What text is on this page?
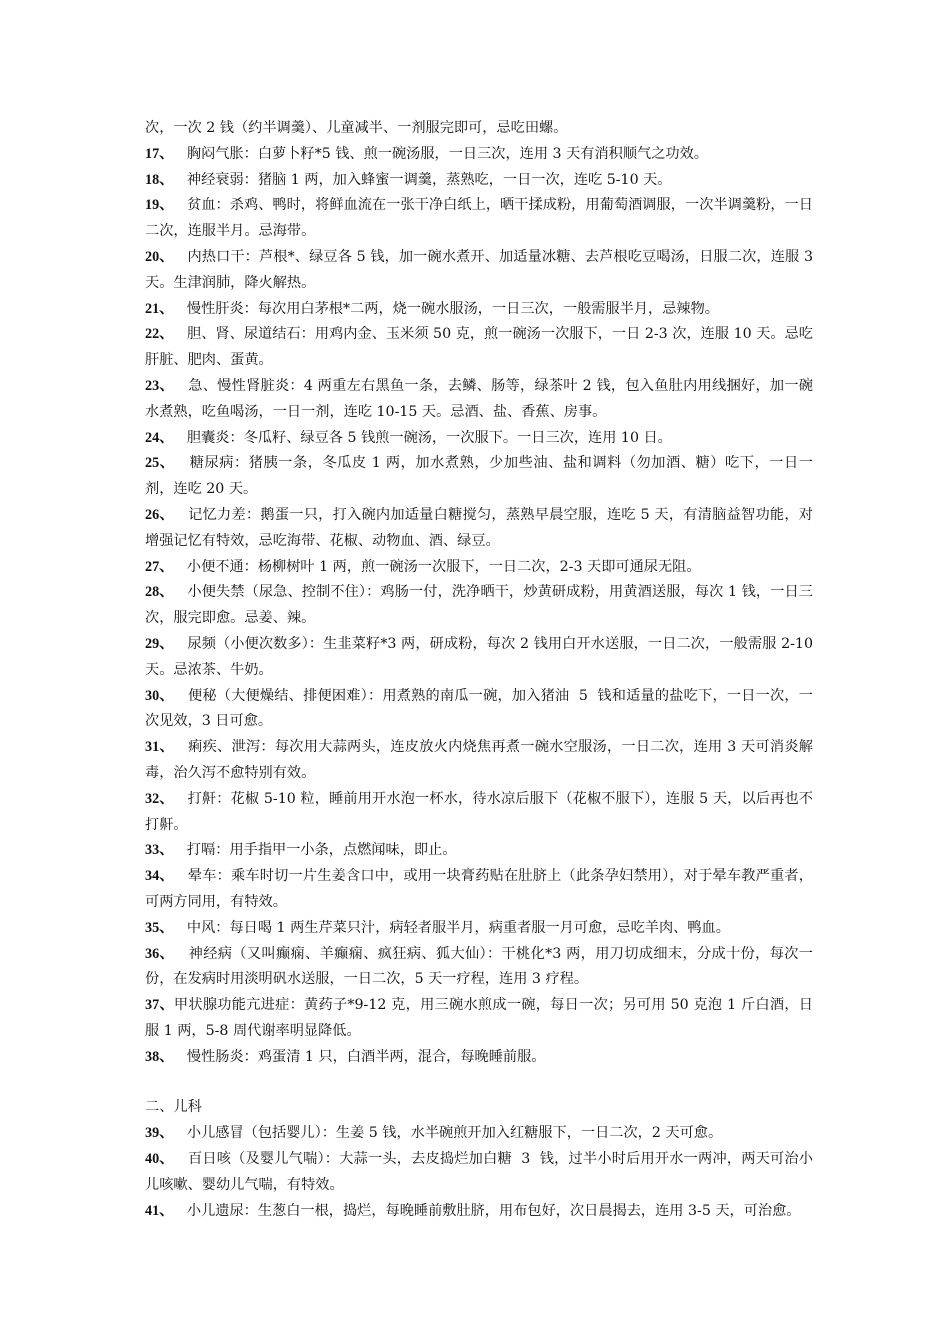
次，一次 2 钱（约半调羹）、儿童减半、一剂服完即可，忌吃田螺。

17、   胸闷气胀：白萝卜籽*5 钱、煎一碗汤服，一日三次，连用 3 天有消积顺气之功效。

18、   神经衰弱：猪脑 1 两，加入蜂蜜一调羹，蒸熟吃，一日一次，连吃 5-10 天。

19、   贫血：杀鸡、鸭时，将鲜血流在一张干净白纸上，晒干揉成粉，用葡萄酒调服，一次半调羹粉，一日二次，连服半月。忌海带。

20、   内热口干：芦根*、绿豆各 5 钱，加一碗水煮开、加适量冰糖、去芦根吃豆喝汤，日服二次，连服 3 天。生津润肺，降火解热。

21、   慢性肝炎：每次用白茅根*二两，烧一碗水服汤，一日三次，一般需服半月，忌辣物。

22、   胆、肾、尿道结石：用鸡内金、玉米须 50 克，煎一碗汤一次服下，一日 2-3 次，连服 10 天。忌吃肝脏、肥肉、蛋黄。

23、   急、慢性肾脏炎：4 两重左右黑鱼一条，去鳞、肠等，绿茶叶 2 钱，包入鱼肚内用线捆好，加一碗水煮熟，吃鱼喝汤，一日一剂，连吃 10-15 天。忌酒、盐、香蕉、房事。

24、   胆囊炎：冬瓜籽、绿豆各 5 钱煎一碗汤，一次服下。一日三次，连用 10 日。

25、   糖尿病：猪胰一条，冬瓜皮 1 两，加水煮熟，少加些油、盐和调料（勿加酒、糖）吃下，一日一剂，连吃 20 天。

26、   记忆力差：鹅蛋一只，打入碗内加适量白糖搅匀，蒸熟早晨空服，连吃 5 天，有清脑益智功能，对增强记忆有特效，忌吃海带、花椒、动物血、酒、绿豆。

27、   小便不通：杨柳树叶 1 两，煎一碗汤一次服下，一日二次，2-3 天即可通尿无阻。

28、   小便失禁（尿急、控制不住）：鸡肠一付，洗净晒干，炒黄研成粉，用黄酒送服，每次 1 钱，一日三次，服完即愈。忌姜、辣。

29、   尿频（小便次数多）：生韭菜籽*3 两，研成粉，每次 2 钱用白开水送服，一日二次，一般需服 2-10 天。忌浓茶、牛奶。

30、   便秘（大便燥结、排便困难）：用煮熟的南瓜一碗，加入猪油  5  钱和适量的盐吃下，一日一次，一次见效，3 日可愈。

31、   痢疾、泄泻：每次用大蒜两头，连皮放火内烧焦再煮一碗水空服汤，一日二次，连用 3 天可消炎解毒，治久泻不愈特别有效。

32、   打鼾：花椒 5-10 粒，睡前用开水泡一杯水，待水凉后服下（花椒不服下），连服 5 天，以后再也不打鼾。

33、   打嗝：用手指甲一小条，点燃闻味，即止。

34、   晕车：乘车时切一片生姜含口中，或用一块膏药贴在肚脐上（此条孕妇禁用），对于晕车教严重者，可两方同用，有特效。

35、   中风：每日喝 1 两生芹菜只汁，病轻者服半月，病重者服一月可愈，忌吃羊肉、鸭血。

36、   神经病（又叫癫痫、羊癫痫、疯狂病、狐大仙）：干桃化*3 两，用刀切成细末，分成十份，每次一份，在发病时用淡明矾水送服，一日二次，5 天一疗程，连用 3 疗程。

37、甲状腺功能亢进症：黄药子*9-12 克，用三碗水煎成一碗，每日一次；另可用 50 克泡 1 斤白酒，日服 1 两，5-8 周代谢率明显降低。

38、   慢性肠炎：鸡蛋清 1 只，白酒半两，混合，每晚睡前服。

二、儿科

39、   小儿感冒（包括婴儿）：生姜 5 钱，水半碗煎开加入红糖服下，一日二次，2 天可愈。

40、   百日咳（及婴儿气喘）：大蒜一头，去皮捣烂加白糖  3  钱，过半小时后用开水一两冲，两天可治小儿咳嗽、婴幼儿气喘，有特效。

41、   小儿遗尿：生葱白一根，捣烂，每晚睡前敷肚脐，用布包好，次日晨揭去，连用 3-5 天，可治愈。
